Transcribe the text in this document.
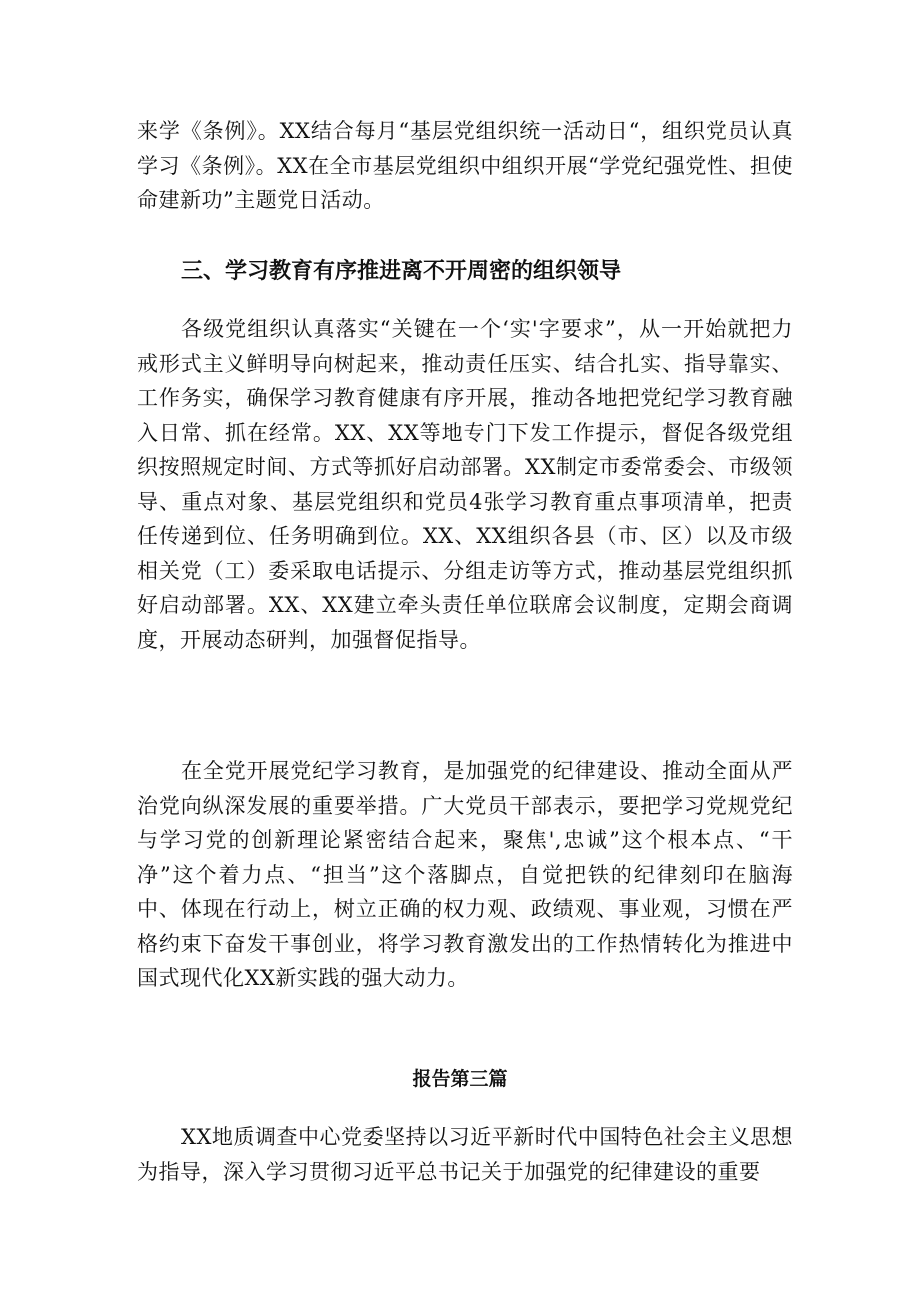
来学《条例》。XX结合每月“基层党组织统一活动日“，组织党员认真学习《条例》。XX在全市基层党组织中组织开展“学党纪强党性、担使命建新功”主题党日活动。

三、学习教育有序推进离不开周密的组织领导

各级党组织认真落实“关键在一个‘实'字要求”，从一开始就把力戒形式主义鲜明导向树起来，推动责任压实、结合扎实、指导靠实、工作务实，确保学习教育健康有序开展，推动各地把党纪学习教育融入日常、抓在经常。XX、XX等地专门下发工作提示，督促各级党组织按照规定时间、方式等抓好启动部署。XX制定市委常委会、市级领导、重点对象、基层党组织和党员4张学习教育重点事项清单，把责任传递到位、任务明确到位。XX、XX组织各县（市、区）以及市级相关党（工）委采取电话提示、分组走访等方式，推动基层党组织抓好启动部署。XX、XX建立牵头责任单位联席会议制度，定期会商调度，开展动态研判，加强督促指导。

在全党开展党纪学习教育，是加强党的纪律建设、推动全面从严治党向纵深发展的重要举措。广大党员干部表示，要把学习党规党纪与学习党的创新理论紧密结合起来，聚焦',忠诚”这个根本点、“干净”这个着力点、“担当”这个落脚点，自觉把铁的纪律刻印在脑海中、体现在行动上，树立正确的权力观、政绩观、事业观，习惯在严格约束下奋发干事创业，将学习教育激发出的工作热情转化为推进中国式现代化XX新实践的强大动力。

报告第三篇

XX地质调查中心党委坚持以习近平新时代中国特色社会主义思想为指导，深入学习贯彻习近平总书记关于加强党的纪律建设的重要
